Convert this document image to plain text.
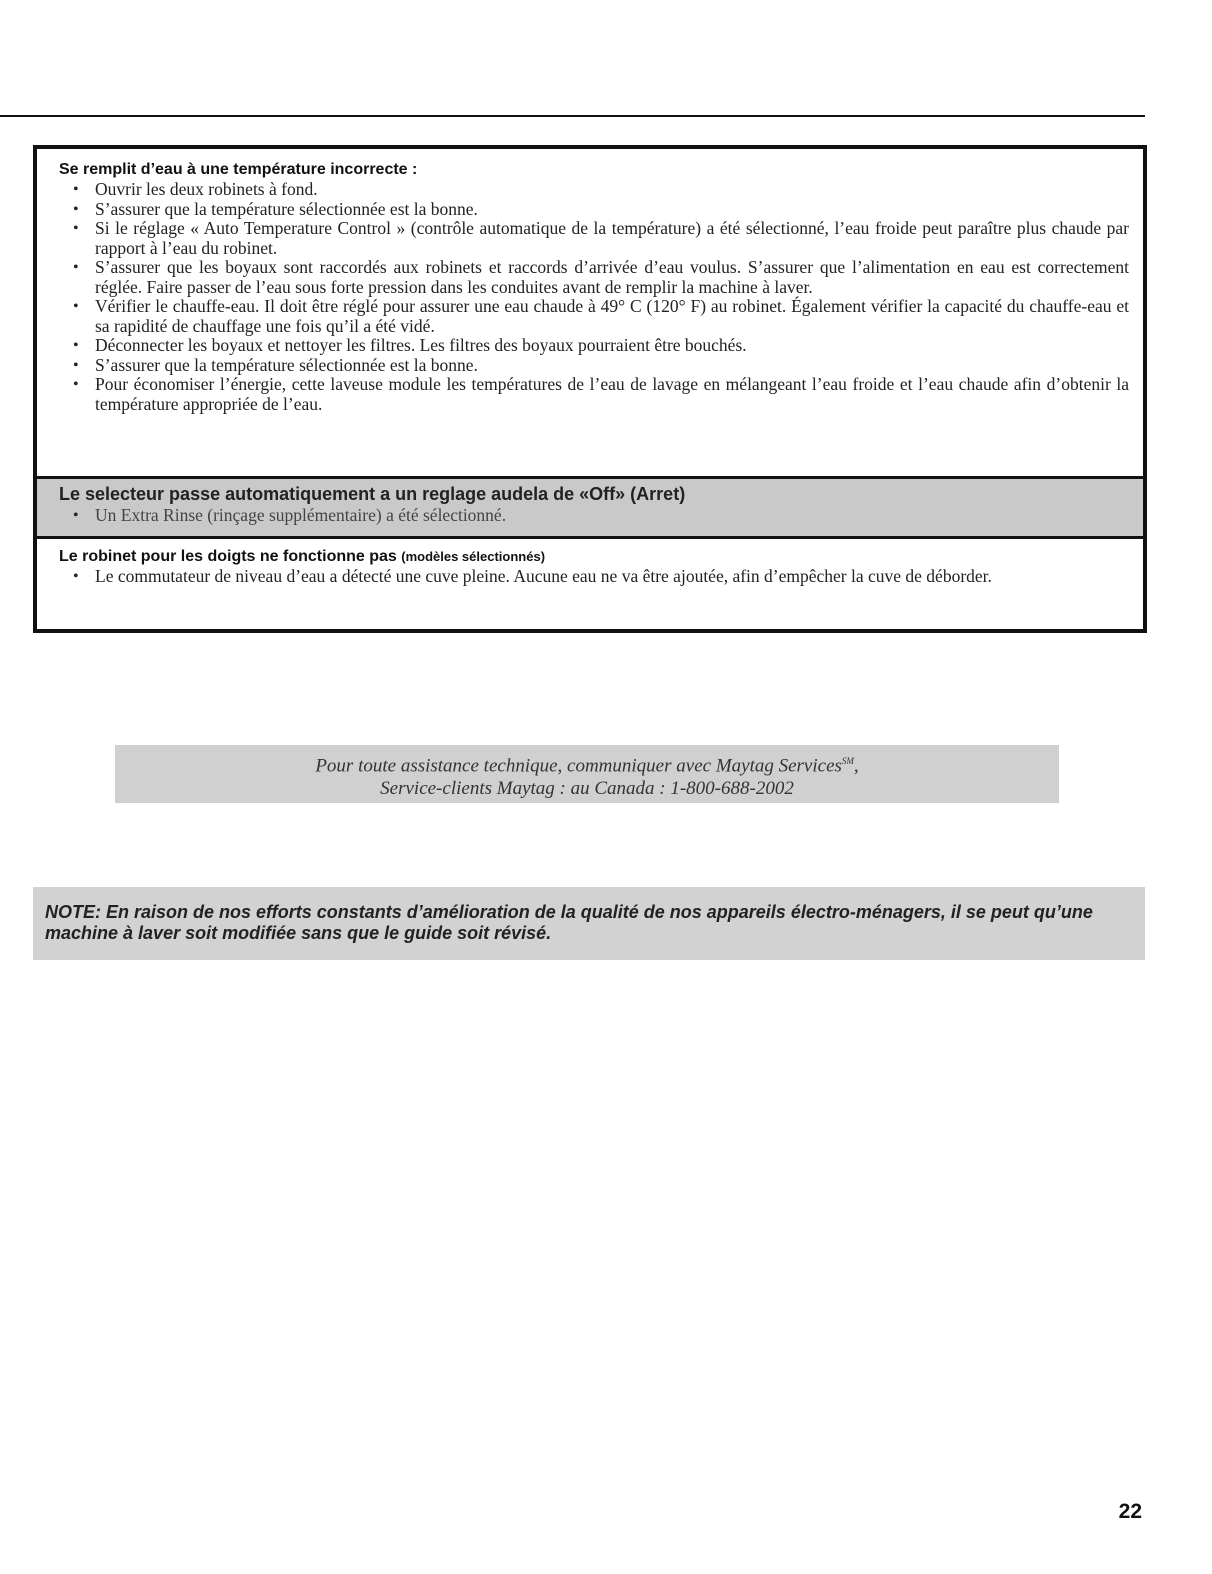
Se remplit d’eau à une température incorrecte :
• Ouvrir les deux robinets à fond.
• S’assurer que la température sélectionnée est la bonne.
• Si le réglage « Auto Temperature Control » (contrôle automatique de la température) a été sélectionné, l’eau froide peut paraître plus chaude par rapport à l’eau du robinet.
• S’assurer que les boyaux sont raccordés aux robinets et raccords d’arrivée d’eau voulus. S’assurer que l’alimentation en eau est correctement réglée. Faire passer de l’eau sous forte pression dans les conduites avant de remplir la machine à laver.
• Vérifier le chauffe-eau. Il doit être réglé pour assurer une eau chaude à 49° C (120° F) au robinet. Également vérifier la capacité du chauffe-eau et sa rapidité de chauffage une fois qu’il a été vidé.
• Déconnecter les boyaux et nettoyer les filtres. Les filtres des boyaux pourraient être bouchés.
• S’assurer que la température sélectionnée est la bonne.
• Pour économiser l’énergie, cette laveuse module les températures de l’eau de lavage en mélangeant l’eau froide et l’eau chaude afin d’obtenir la température appropriée de l’eau.
Le selecteur passe automatiquement a un reglage audela de «Off» (Arret)
• Un Extra Rinse (rinçage supplémentaire) a été sélectionné.
Le robinet pour les doigts ne fonctionne pas (modèles sélectionnés)
• Le commutateur de niveau d’eau a détecté une cuve pleine. Aucune eau ne va être ajoutée, afin d’empêcher la cuve de déborder.
Pour toute assistance technique, communiquer avec Maytag Services℠,
Service-clients Maytag : au Canada : 1-800-688-2002
NOTE: En raison de nos efforts constants d’amélioration de la qualité de nos appareils électro-ménagers, il se peut qu’une machine à laver soit modifiée sans que le guide soit révisé.
22
